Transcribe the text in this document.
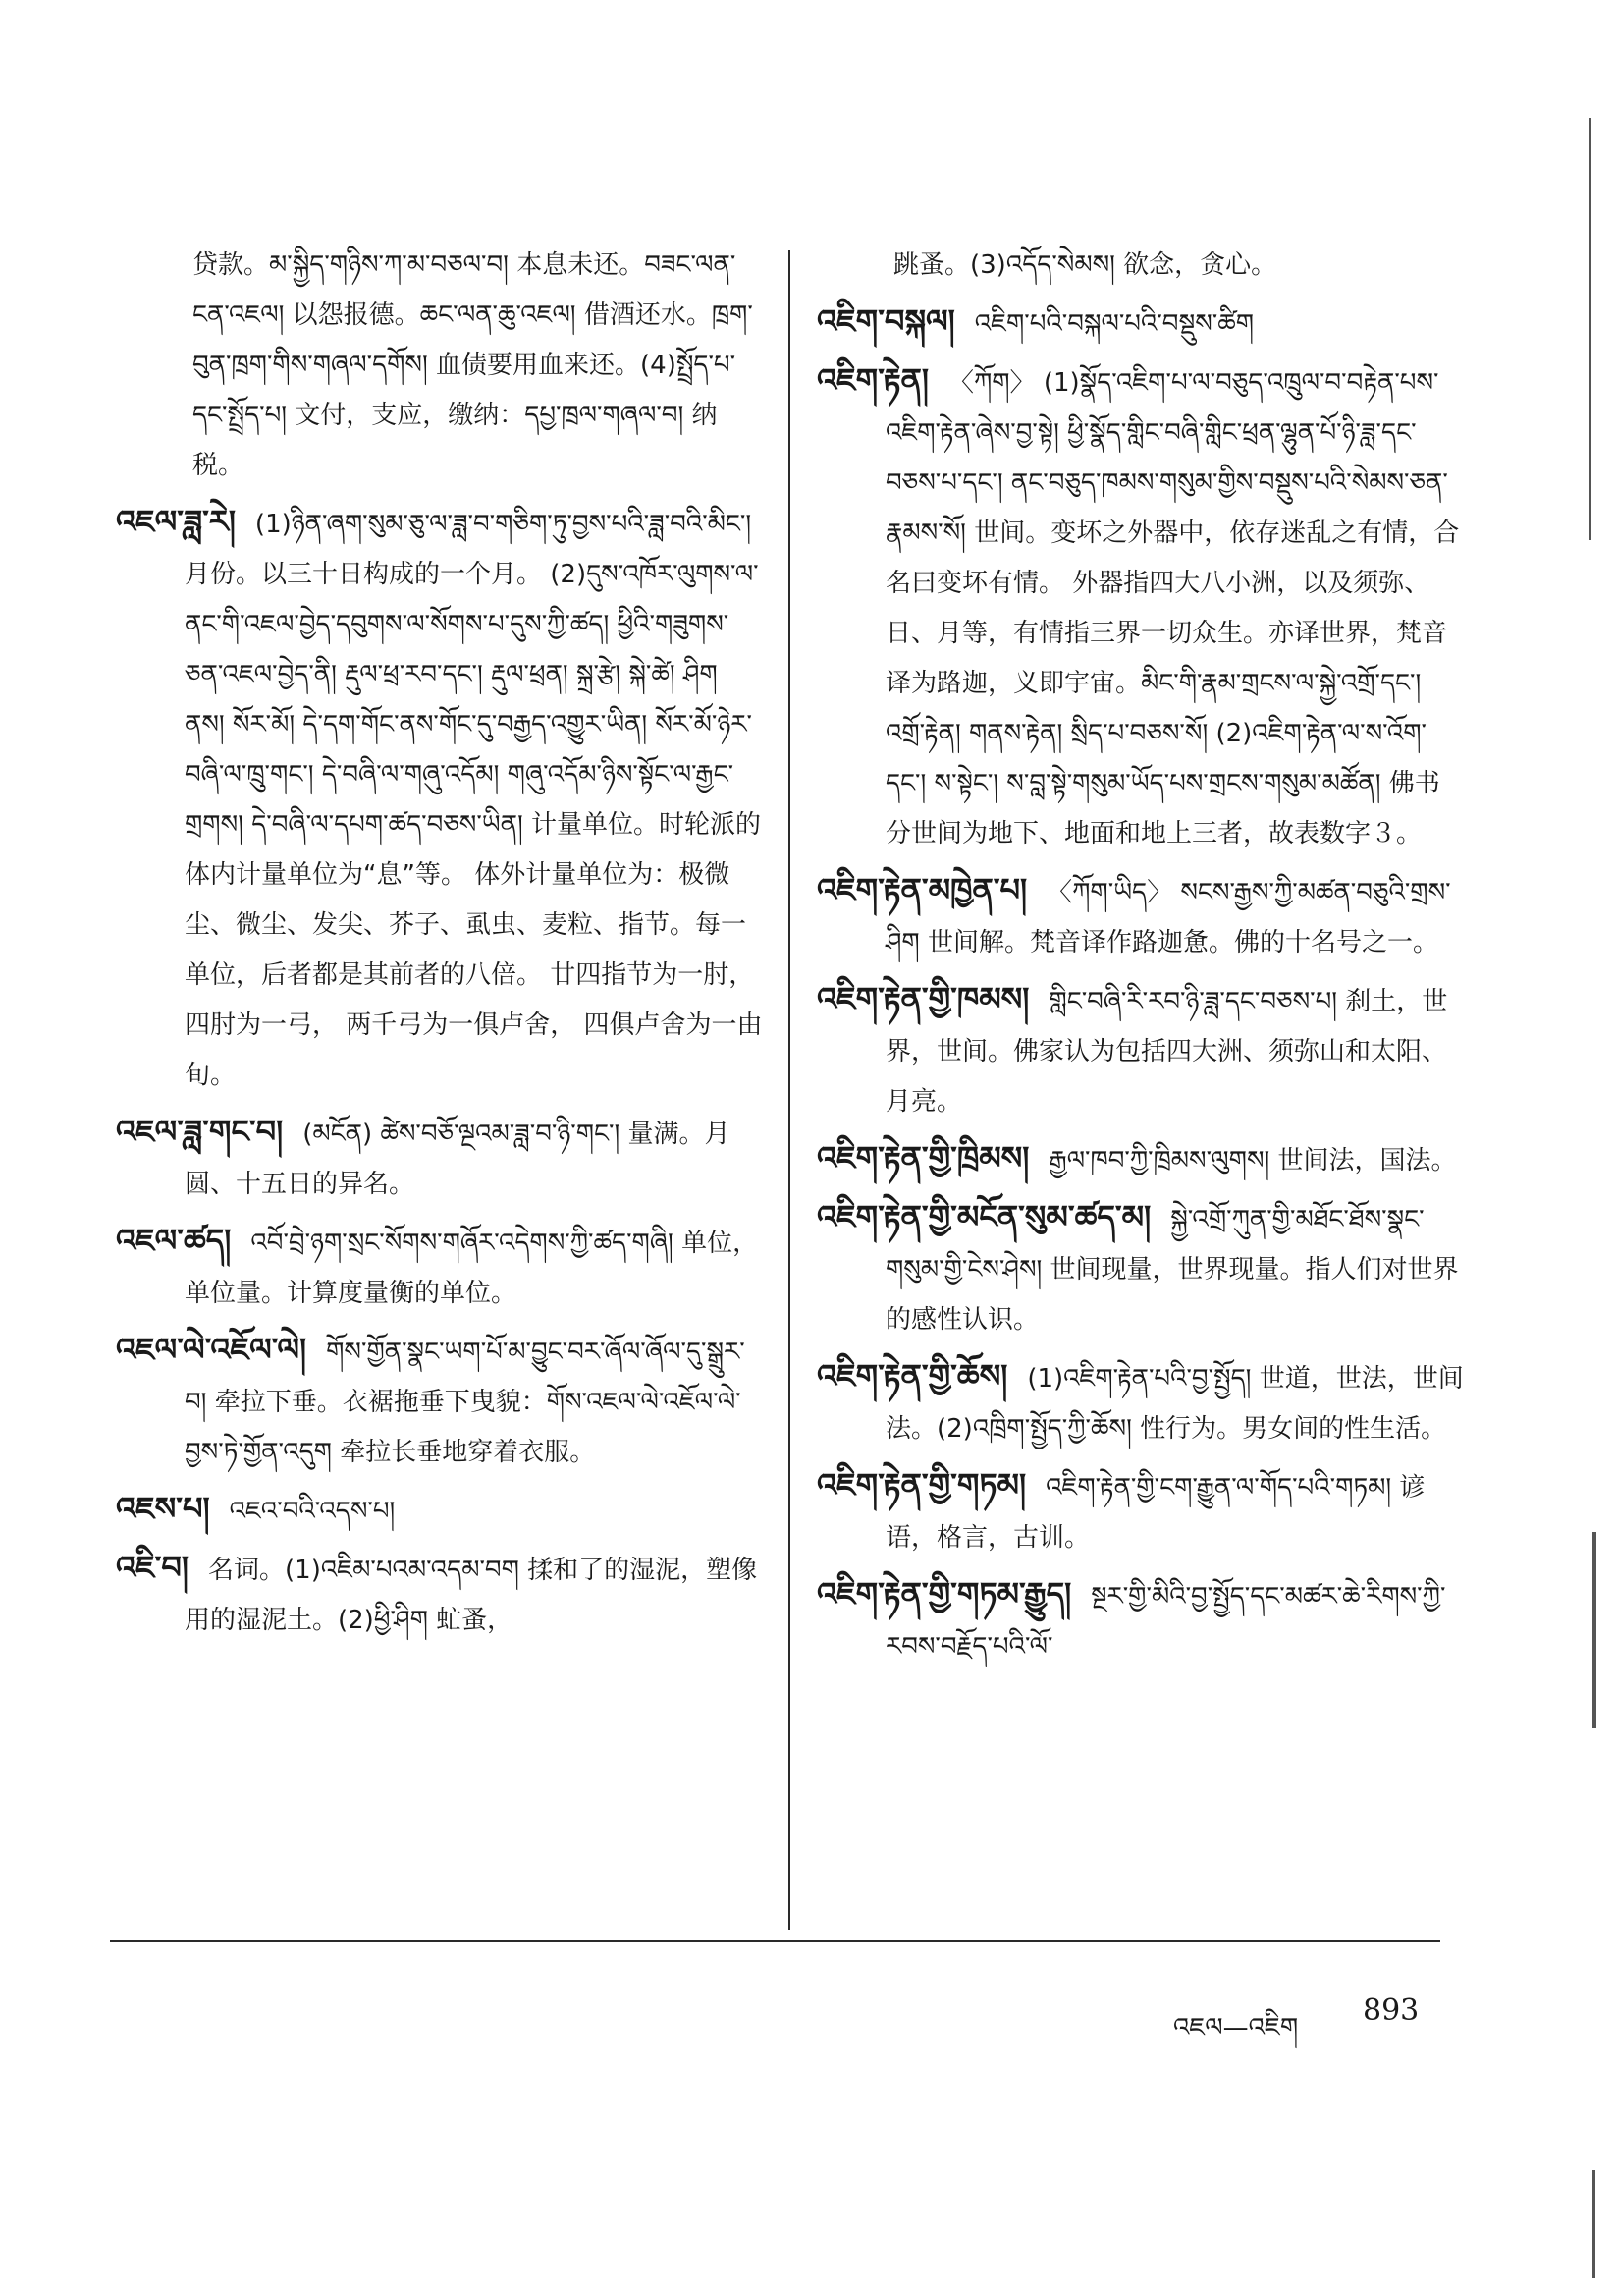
贷款。མ་སྐྱིད་གཉིས་ཀ་མ་བཅལ་བ། 本息未还。བཟང་ལན་ངན་འཇལ། 以怨报德。ཆང་ལན་ཆུ་འཇལ། 借酒还水。ཁྲག་བུན་ཁྲག་གིས་གཞལ་དགོས། 血债要用血来还。(4)སྤྲོད་པ་དང་སྤྲོད་པ། 文付，支应，缴纳：དཔྱ་ཁྲལ་གཞལ་བ། 纳税。

འཇལ་ཟླ་རེ། (1)ཉིན་ཞག་སུམ་ཅུ་ལ་ཟླ་བ་གཅིག་ཏུ་བྱས་པའི་ཟླ་བའི་མིང་། 月份。以三十日构成的一个月。 (2)དུས་འཁོར་ལུགས་ལ་ནང་གི་འཇལ་བྱེད་དབུགས་ལ་སོགས་པ་དུས་ཀྱི་ཚད། ཕྱིའི་གཟུགས་ཅན་འཇལ་བྱེད་ནི། རྡུལ་ཕྲ་རབ་དང་། རྡུལ་ཕྲན། སྐྲ་རྩེ། སྐེ་ཚེ། ཤིག ནས། སོར་མོ། དེ་དག་གོང་ནས་གོང་དུ་བརྒྱད་འགྱུར་ཡིན། སོར་མོ་ཉེར་བཞི་ལ་ཁྲུ་གང་། དེ་བཞི་ལ་གཞུ་འདོམ། གཞུ་འདོམ་ཉིས་སྟོང་ལ་རྒྱང་གྲགས། དེ་བཞི་ལ་དཔག་ཚད་བཅས་ཡིན། 计量单位。时轮派的体内计量单位为“息”等。 体外计量单位为：极微尘、微尘、发尖、芥子、虱虫、麦粒、指节。每一单位，后者都是其前者的八倍。 廿四指节为一肘，四肘为一弓， 两千弓为一俱卢舍， 四俱卢舍为一由旬。

འཇལ་ཟླ་གང་བ། (མངོན) ཚེས་བཅོ་ལྔའམ་ཟླ་བ་ཉི་གང་། 量满。月圆、十五日的异名。

འཇལ་ཚད། འབོ་བྲེ་ཉག་སྲང་སོགས་གཞོར་འདེགས་ཀྱི་ཚད་གཞི། 单位，单位量。计算度量衡的单位。

འཇལ་ལེ་འཇོལ་ལེ། གོས་གྱོན་སྣང་ཡག་པོ་མ་བྱུང་བར་ཞོལ་ཞོལ་དུ་སྒྲུར་བ། 牵拉下垂。衣裾拖垂下曳貌：གོས་འཇལ་ལེ་འཇོལ་ལེ་བྱས་ཏེ་གྱོན་འདུག 牵拉长垂地穿着衣服。

འཇས་པ། འཇའ་བའི་འདས་པ།

འཇི་བ། 名词。(1)འཇིམ་པའམ་འདམ་བག 揉和了的湿泥，塑像用的湿泥土。(2)ཕྱི་ཤིག 虻蚤，

跳蚤。(3)འདོད་སེམས། 欲念，贪心。

འཇིག་བསྐལ། འཇིག་པའི་བསྐལ་པའི་བསྡུས་ཚིག

འཇིག་རྟེན། 〈ཀོག〉 (1)སྣོད་འཇིག་པ་ལ་བཅུད་འཁྲུལ་བ་བརྟེན་པས་འཇིག་རྟེན་ཞེས་བྱ་སྟེ། ཕྱི་སྣོད་གླིང་བཞི་གླིང་ཕྲན་ལྷུན་པོ་ཉི་ཟླ་དང་བཅས་པ་དང་། ནང་བཅུད་ཁམས་གསུམ་གྱིས་བསྡུས་པའི་སེམས་ཅན་རྣམས་སོ། 世间。变坏之外器中，依存迷乱之有情，合名曰变坏有情。 外器指四大八小洲，以及须弥、日、月等，有情指三界一切众生。亦译世界，梵音译为路迦，义即宇宙。མིང་གི་རྣམ་གྲངས་ལ་སྐྱེ་འགྲོ་དང་། འགྲོ་རྟེན། གནས་རྟེན། སྲིད་པ་བཅས་སོ། (2)འཇིག་རྟེན་ལ་ས་འོག་དང་། ས་སྟེང་། ས་བླ་སྟེ་གསུམ་ཡོད་པས་གྲངས་གསུམ་མཚོན། 佛书分世间为地下、地面和地上三者，故表数字３。

འཇིག་རྟེན་མཁྱེན་པ། 〈ཀོག་ཡིད〉 སངས་རྒྱས་ཀྱི་མཚན་བཅུའི་གྲས་ཤིག 世间解。梵音译作路迦惫。佛的十名号之一。

འཇིག་རྟེན་གྱི་ཁམས། གླིང་བཞི་རི་རབ་ཉི་ཟླ་དང་བཅས་པ། 刹土，世界，世间。佛家认为包括四大洲、须弥山和太阳、月亮。

འཇིག་རྟེན་གྱི་ཁྲིམས། རྒྱལ་ཁབ་ཀྱི་ཁྲིམས་ལུགས། 世间法，国法。

འཇིག་རྟེན་གྱི་མངོན་སུམ་ཚད་མ། སྐྱེ་འགྲོ་ཀུན་གྱི་མཐོང་ཐོས་སྣང་གསུམ་གྱི་ངེས་ཤེས། 世间现量，世界现量。指人们对世界的感性认识。

འཇིག་རྟེན་གྱི་ཆོས། (1)འཇིག་རྟེན་པའི་བྱ་སྤྱོད། 世道，世法，世间法。(2)འཁྲིག་སྤྱོད་ཀྱི་ཆོས། 性行为。男女间的性生活。

འཇིག་རྟེན་གྱི་གཏམ། འཇིག་རྟེན་གྱི་ངག་རྒྱུན་ལ་གོད་པའི་གཏམ། 谚语，格言，古训。

འཇིག་རྟེན་གྱི་གཏམ་རྒྱུད། སྔར་གྱི་མིའི་བྱ་སྤྱོད་དང་མཚར་ཆེ་རིགས་ཀྱི་རབས་བརྗོད་པའི་ལོ་

འཇལ—འཇིག 893
